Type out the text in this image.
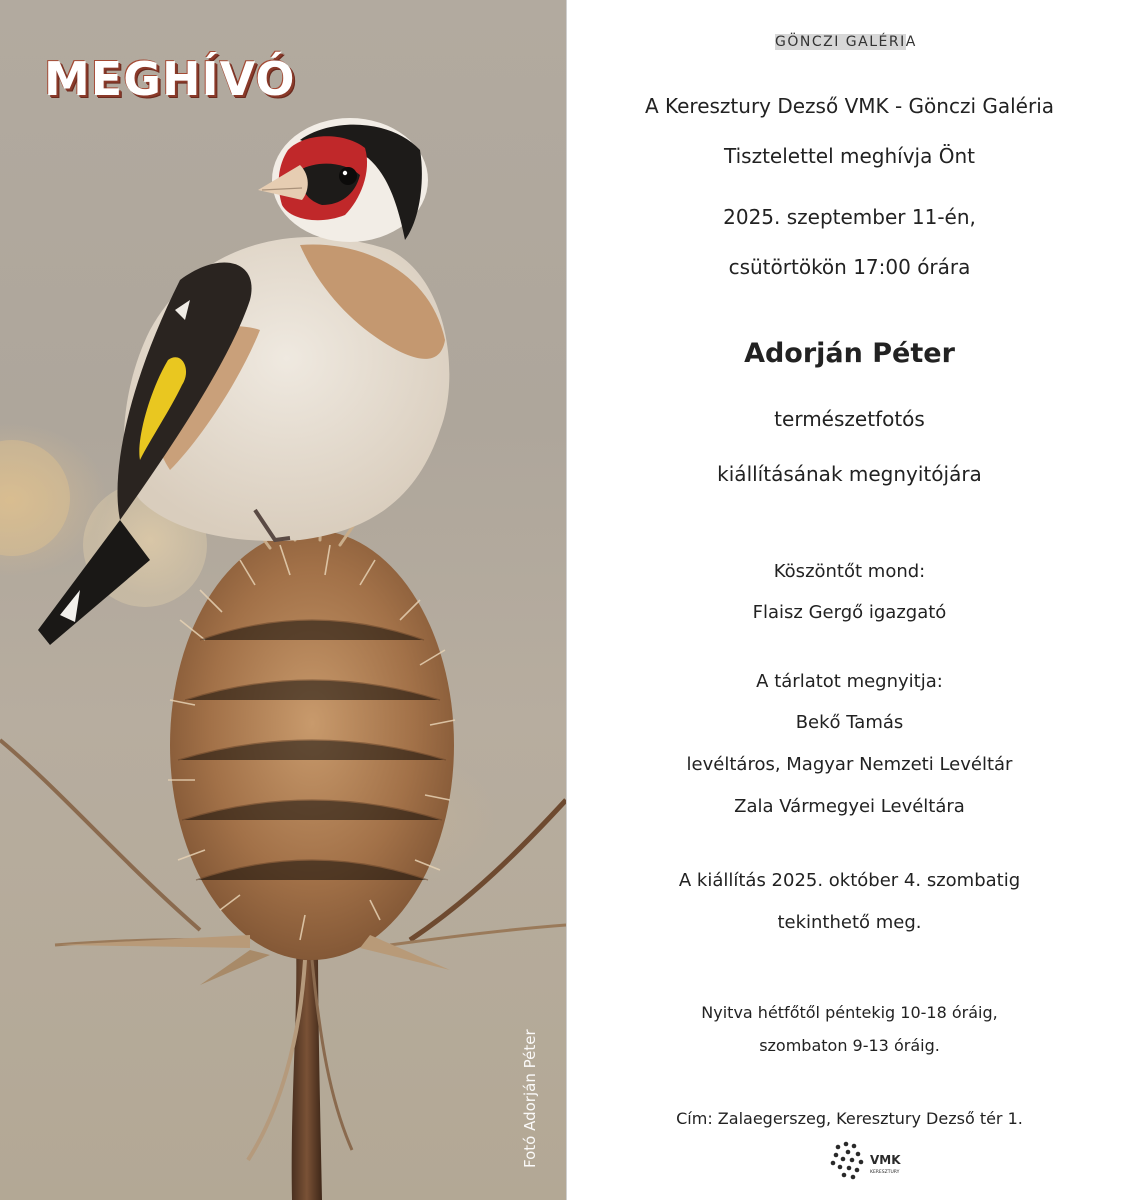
MEGHÍVÓ
Fotó Adorján Péter
GÖNCZI GALÉRIA
A Keresztury Dezső VMK - Gönczi Galéria
Tisztelettel meghívja Önt
2025. szeptember 11-én,
csütörtökön 17:00 órára
Adorján Péter
természetfotós
kiállításának megnyitójára
Köszöntőt mond:
Flaisz Gergő igazgató
A tárlatot megnyitja:
Bekő Tamás
levéltáros, Magyar Nemzeti Levéltár
Zala Vármegyei Levéltára
A kiállítás 2025. október 4. szombatig
tekinthető meg.
Nyitva hétfőtől péntekig 10-18 óráig,
szombaton 9-13 óráig.
Cím: Zalaegerszeg, Keresztury Dezső tér 1.
VMK
KERESZTURY
